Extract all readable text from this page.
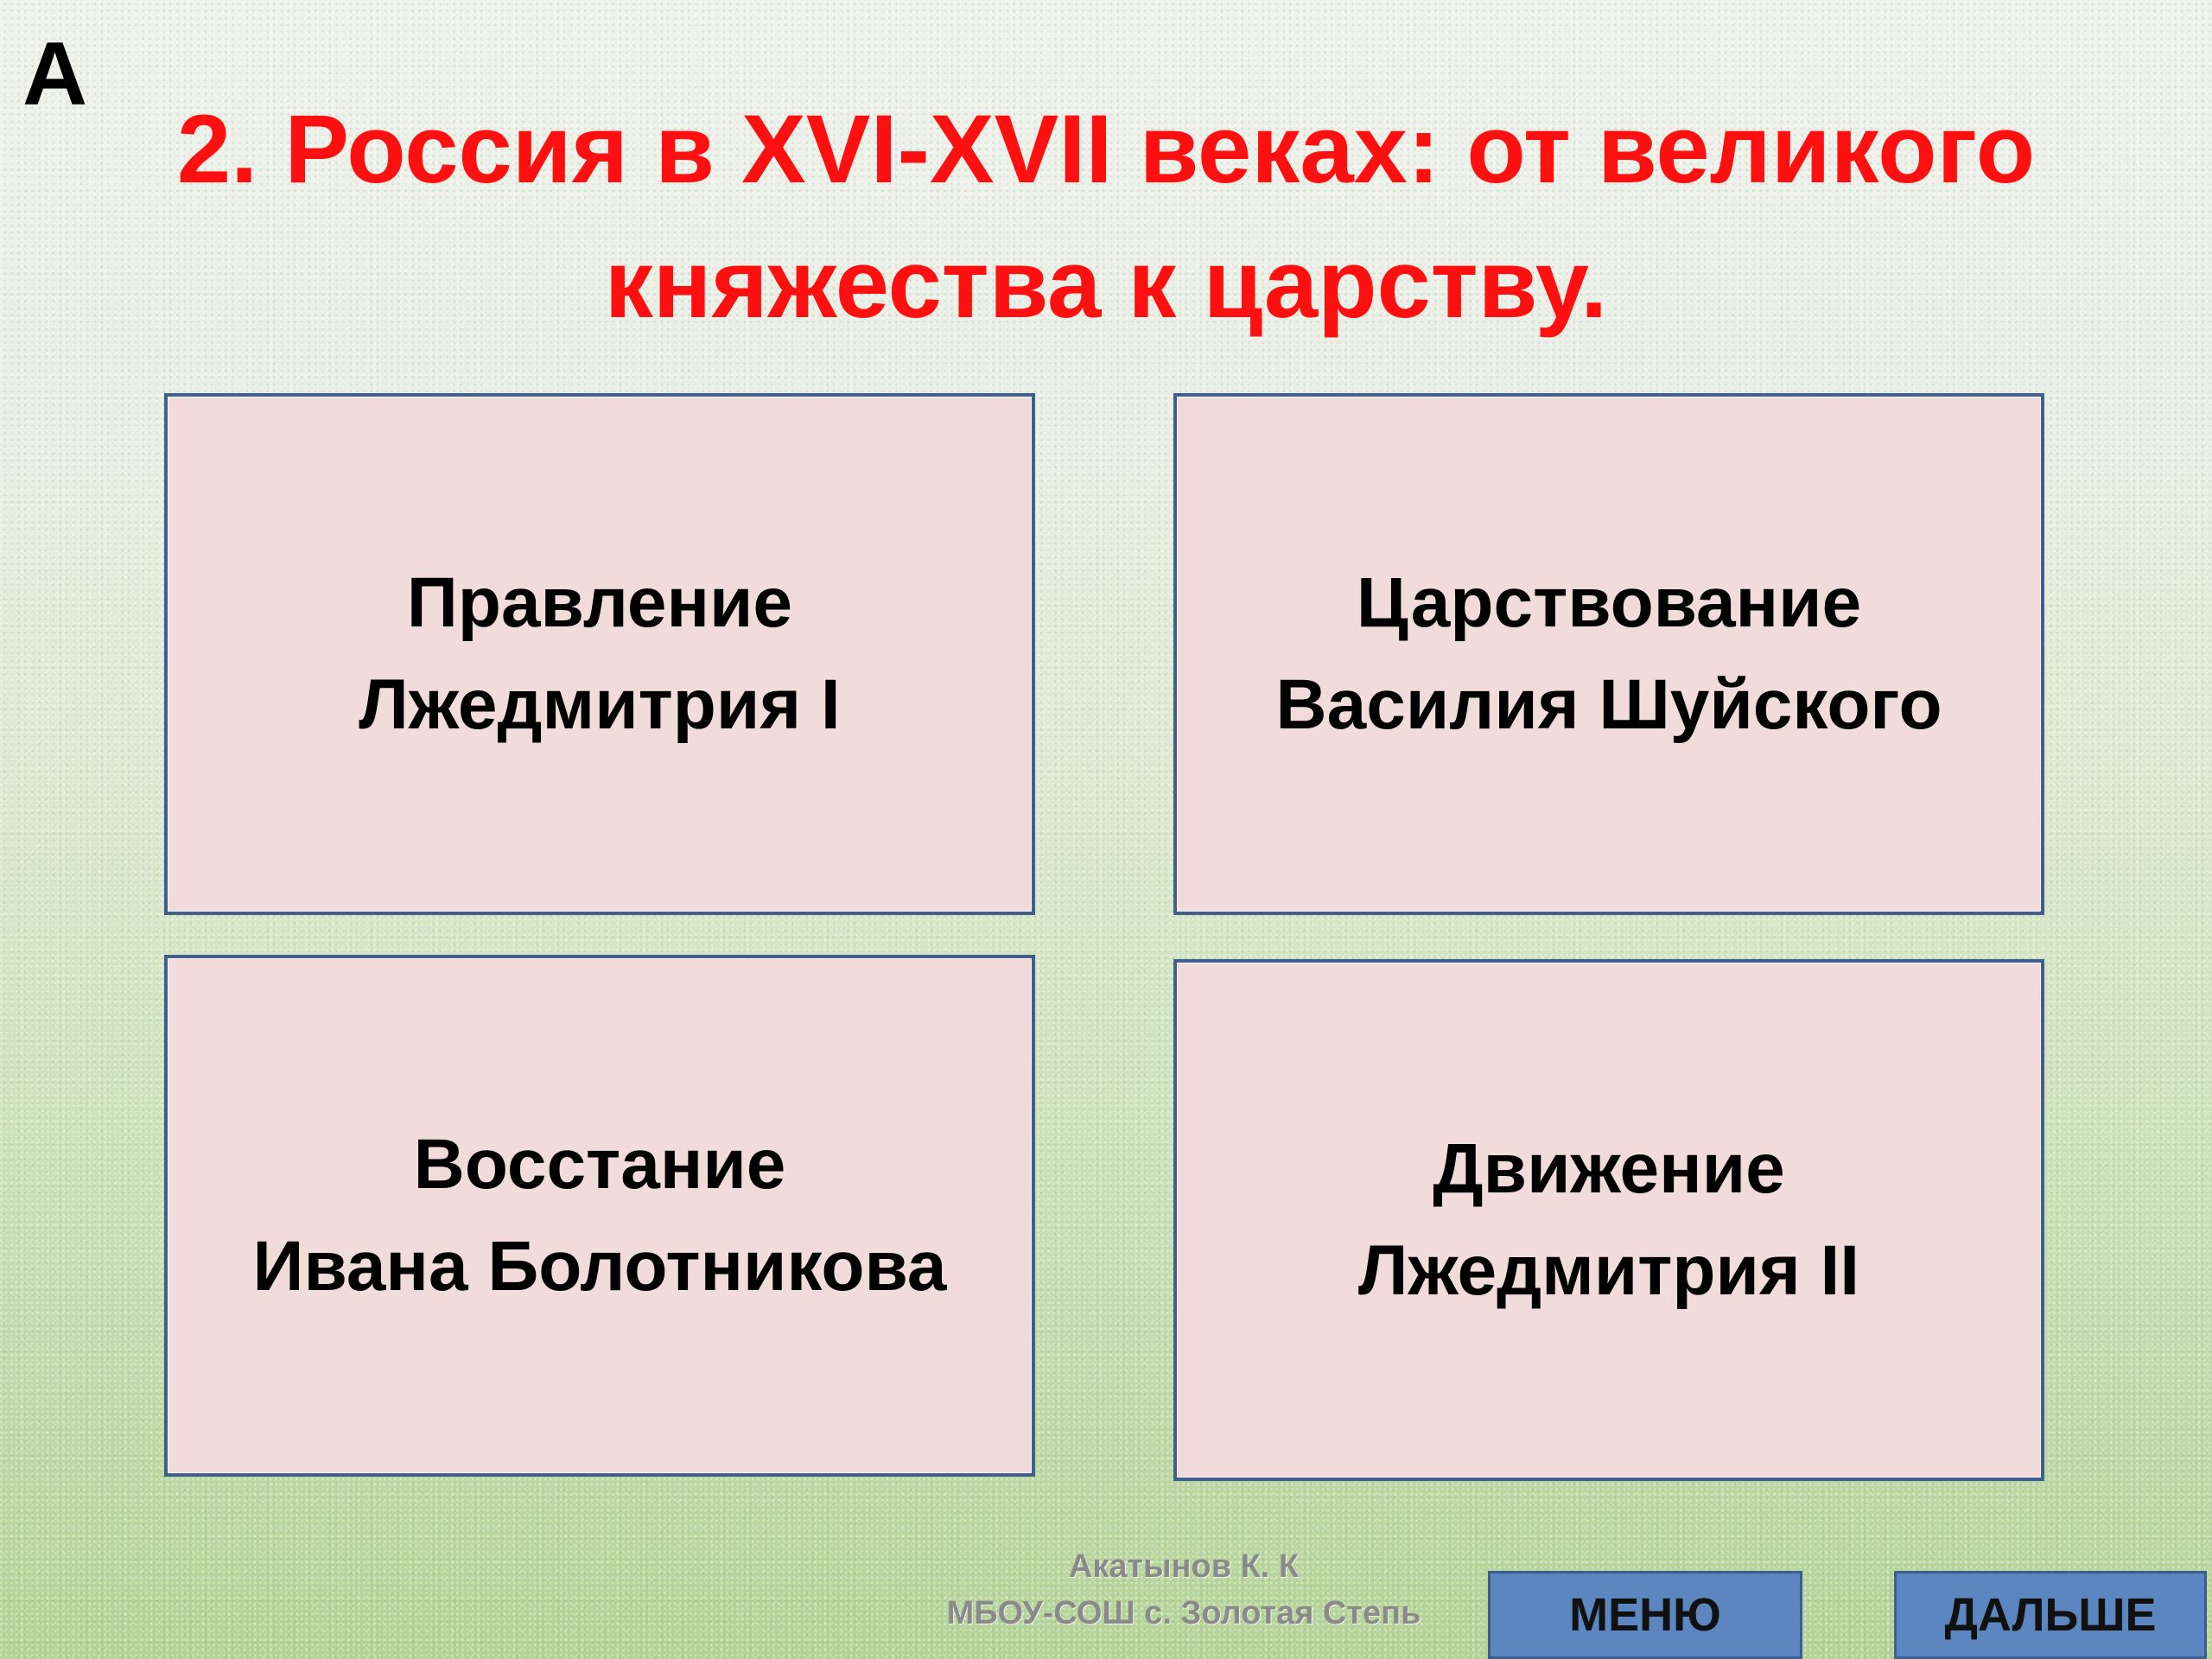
А
2. Россия в XVI-XVII веках: от великого
княжества к царству.
Правление
Лжедмитрия I
Царствование
Василия Шуйского
Восстание
Ивана Болотникова
Движение
Лжедмитрия II
Акатынов К. К
МБОУ-СОШ с. Золотая Степь	МЕНЮ	ДАЛЬШЕ
